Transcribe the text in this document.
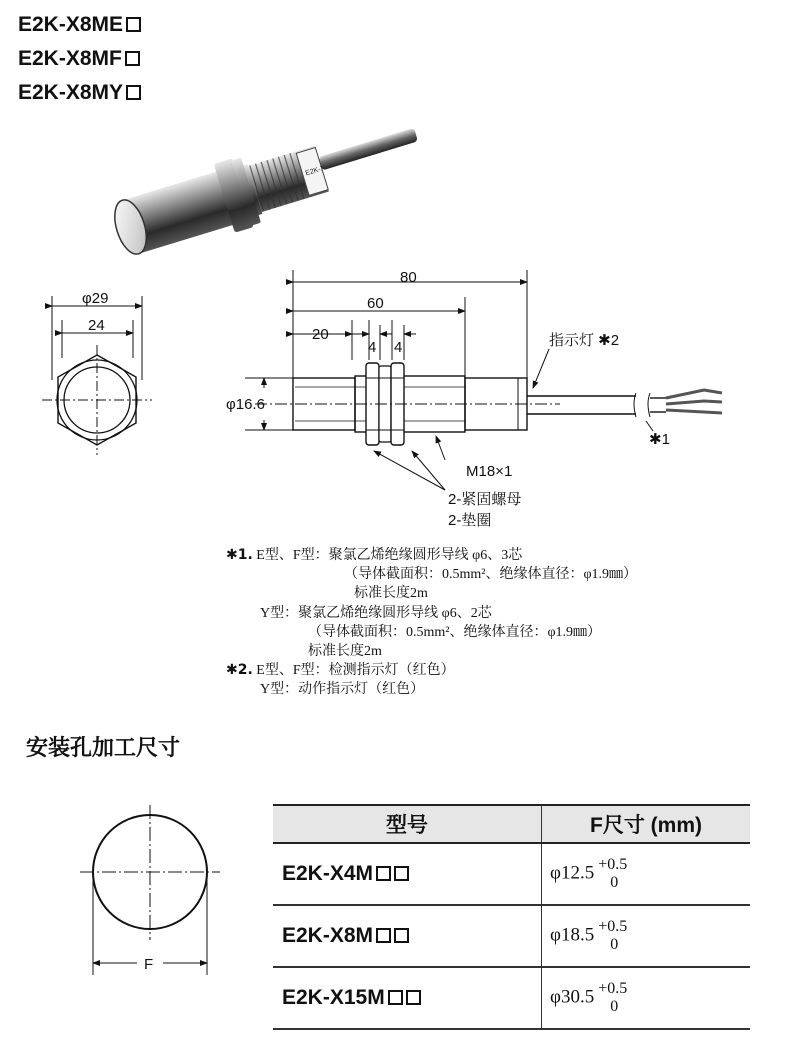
E2K-X8ME
E2K-X8MF
E2K-X8MY
E2K-X
φ29
24
80
60
20
4 4
φ16.6
指示灯 ✱2
✱1
M18×1
2-紧固螺母
2-垫圈
✱1. E型、F型：聚氯乙烯绝缘圆形导线 φ6、3芯
（导体截面积：0.5mm²、绝缘体直径：φ1.9㎜）
标准长度2m
Y型：聚氯乙烯绝缘圆形导线 φ6、2芯
（导体截面积：0.5mm²、绝缘体直径：φ1.9㎜）
标准长度2m
✱2. E型、F型：检测指示灯（红色）
Y型：动作指示灯（红色）
安装孔加工尺寸
F
型号	F尺寸 (mm)
E2K-X4M	φ12.5 +0.5
0

E2K-X8M	φ18.5 +0.5
0

E2K-X15M	φ30.5 +0.5
0
